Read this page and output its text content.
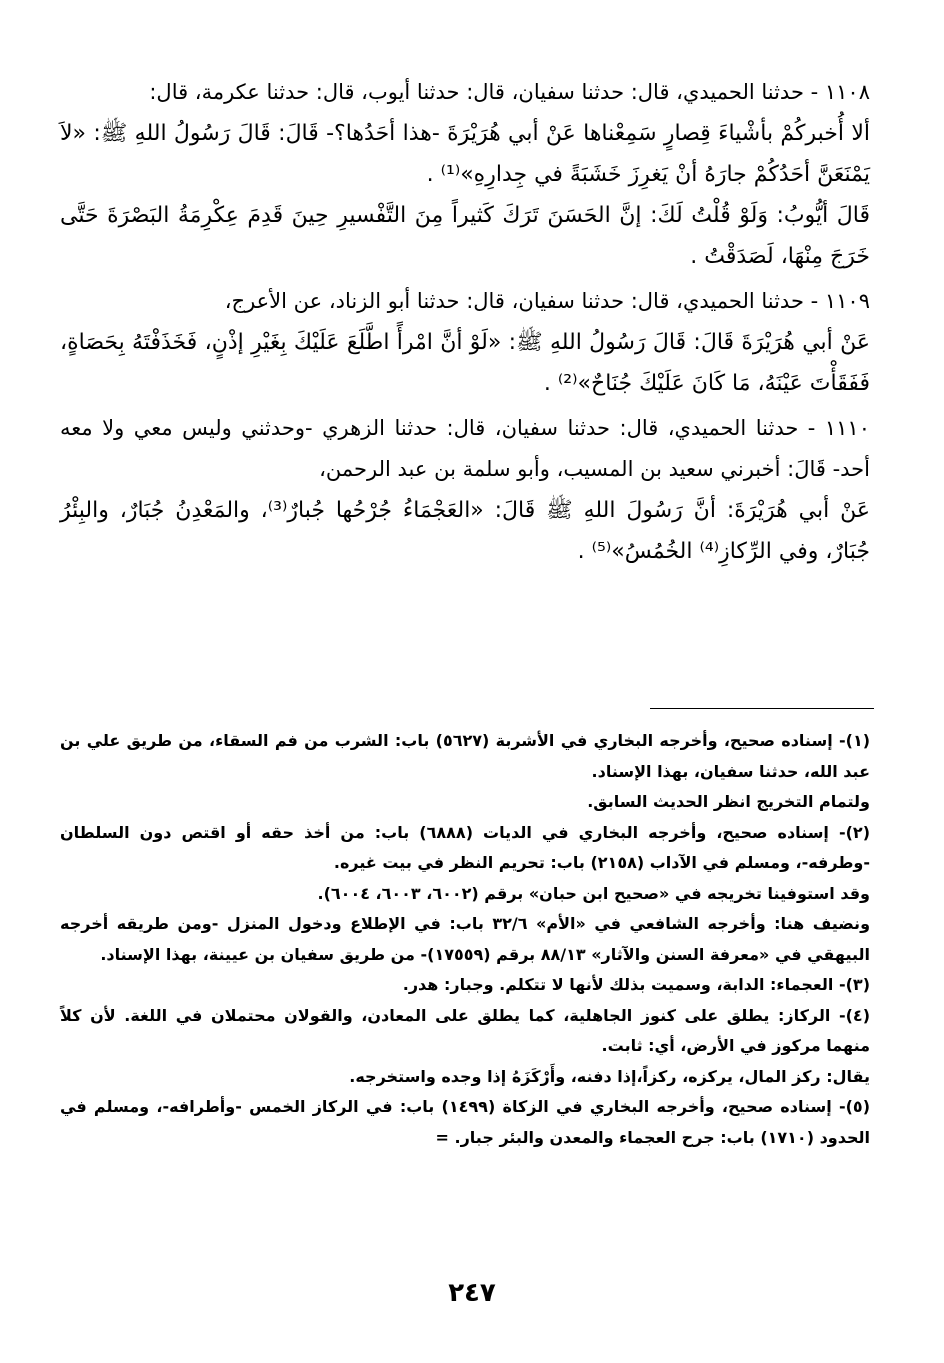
١١٠٨ - حدثنا الحميدي، قال: حدثنا سفيان، قال: حدثنا أيوب، قال: حدثنا عكرمة، قال:

ألا أُخبركُمْ بأشْياءَ قِصارٍ سَمِعْناها عَنْ أبي هُرَيْرَةَ -هذا أحَدُها؟- قَالَ: قَالَ رَسُولُ اللهِ ﷺ: «لاَ يَمْنَعَنَّ أحَدُكُمْ جارَهُ أنْ يَغرِزَ خَشَبَةً في جِدارِهِ»⁽¹⁾ .

قَالَ أيُّوبُ: وَلَوْ قُلْتُ لَكَ: إنَّ الحَسَنَ تَرَكَ كَثيراً مِنَ التَّفْسيرِ حِينَ قَدِمَ عِكْرِمَةُ البَصْرَةَ حَتَّى خَرَجَ مِنْهَا، لَصَدَقْتُ .

١١٠٩ - حدثنا الحميدي، قال: حدثنا سفيان، قال: حدثنا أبو الزناد، عن الأعرج،

عَنْ أبي هُرَيْرَةَ قَالَ: قَالَ رَسُولُ اللهِ ﷺ: «لَوْ أنَّ امْرأً اطَّلَعَ عَلَيْكَ بِغَيْرِ إذْنٍ، فَخَذَفْتَهُ بِحَصَاةٍ، فَفَقَأْتَ عَيْنَهُ، مَا كَانَ عَلَيْكَ جُنَاحٌ»⁽²⁾ .

١١١٠ - حدثنا الحميدي، قال: حدثنا سفيان، قال: حدثنا الزهري -وحدثني وليس معي ولا معه أحد- قَالَ: أخبرني سعيد بن المسيب، وأبو سلمة بن عبد الرحمن،

عَنْ أبي هُرَيْرَةَ: أنَّ رَسُولَ اللهِ ﷺ قَالَ: «العَجْمَاءُ جُرْحُها جُبارٌ⁽³⁾، والمَعْدِنُ جُبَارٌ، والبِئْرُ جُبَارٌ، وفي الرِّكازِ⁽⁴⁾ الخُمُسُ»⁽⁵⁾ .

(١)- إسناده صحيح، وأخرجه البخاري في الأشربة (٥٦٢٧) باب: الشرب من فم السقاء، من طريق علي بن عبد الله، حدثنا سفيان، بهذا الإسناد.

ولتمام التخريج انظر الحديث السابق.

(٢)- إسناده صحيح، وأخرجه البخاري في الديات (٦٨٨٨) باب: من أخذ حقه أو اقتص دون السلطان -وطرفه-، ومسلم في الآداب (٢١٥٨) باب: تحريم النظر في بيت غيره.

وقد استوفينا تخريجه في «صحيح ابن حبان» برقم (٦٠٠٢، ٦٠٠٣، ٦٠٠٤).

ونضيف هنا: وأخرجه الشافعي في «الأم» ٣٢/٦ باب: في الإطلاع ودخول المنزل -ومن طريقه أخرجه البيهقي في «معرفة السنن والآثار» ٨٨/١٣ برقم (١٧٥٥٩)- من طريق سفيان بن عيينة، بهذا الإسناد.

(٣)- العجماء: الدابة، وسميت بذلك لأنها لا تتكلم. وجبار: هدر.

(٤)- الركاز: يطلق على كنوز الجاهلية، كما يطلق على المعادن، والقولان محتملان في اللغة. لأن كلاً منهما مركوز في الأرض، أي: ثابت.

يقال: ركز المال، يركزه، ركزاً،إذا دفنه، وأَرْكَزَهُ إذا وجده واستخرجه.

(٥)- إسناده صحيح، وأخرجه البخاري في الزكاة (١٤٩٩) باب: في الركاز الخمس -وأطرافه-، ومسلم في الحدود (١٧١٠) باب: جرح العجماء والمعدن والبئر جبار. =

٢٤٧
